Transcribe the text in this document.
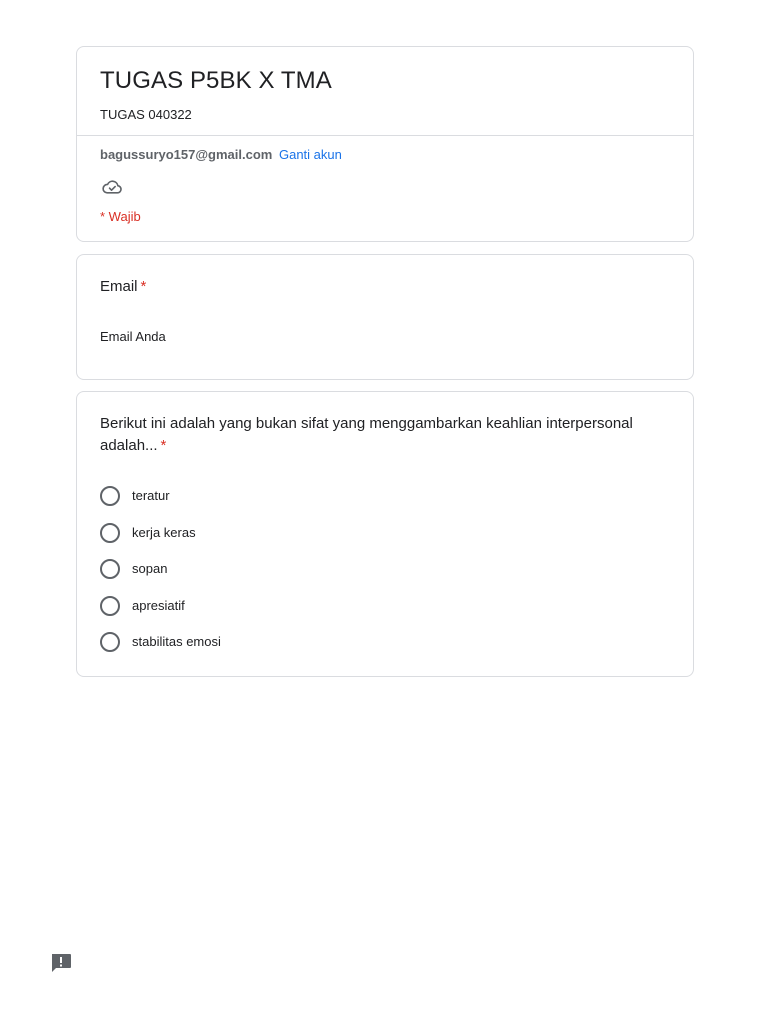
TUGAS P5BK X TMA
TUGAS 040322
bagussuryo157@gmail.com Ganti akun
* Wajib
Email *
Email Anda
Berikut ini adalah yang bukan sifat yang menggambarkan keahlian interpersonal adalah... *
teratur
kerja keras
sopan
apresiatif
stabilitas emosi
